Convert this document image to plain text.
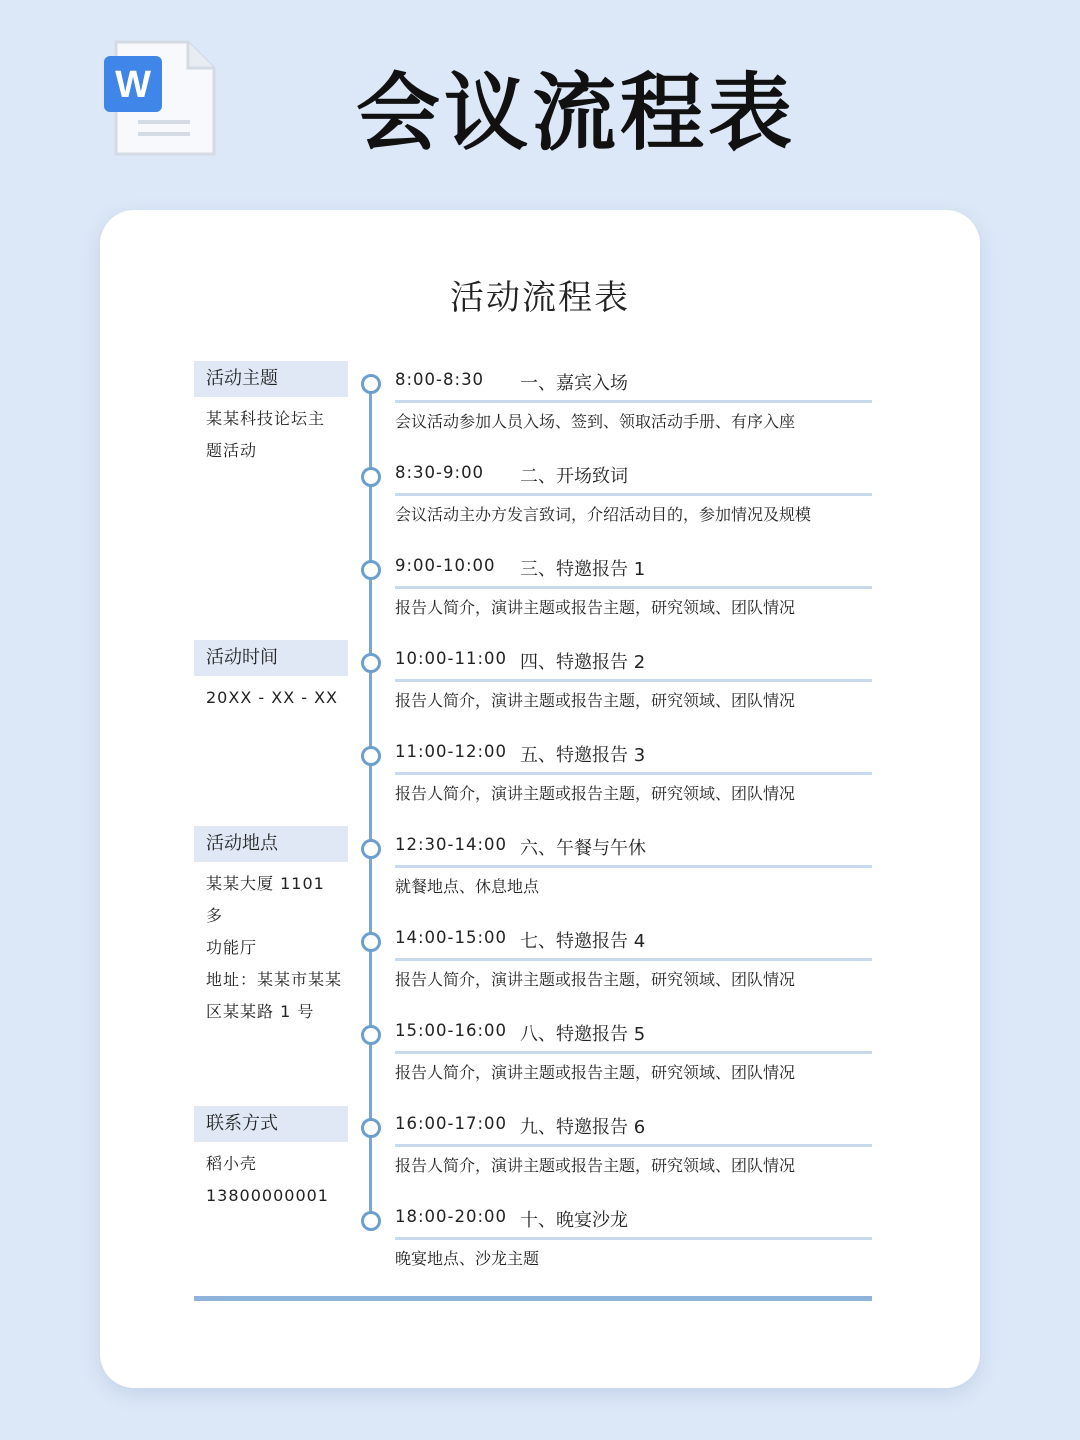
W	会议流程表
活动流程表
活动主题
某某科技论坛主
题活动
活动时间
20XX - XX - XX
活动地点
某某大厦 1101 多
功能厅
地址：某某市某某
区某某路 1 号
联系方式
稻小壳
13800000001
8:00-8:30 一、嘉宾入场
会议活动参加人员入场、签到、领取活动手册、有序入座
8:30-9:00 二、开场致词
会议活动主办方发言致词，介绍活动目的，参加情况及规模
9:00-10:00 三、特邀报告 1
报告人简介，演讲主题或报告主题，研究领域、团队情况
10:00-11:00 四、特邀报告 2
报告人简介，演讲主题或报告主题，研究领域、团队情况
11:00-12:00 五、特邀报告 3
报告人简介，演讲主题或报告主题，研究领域、团队情况
12:30-14:00 六、午餐与午休
就餐地点、休息地点
14:00-15:00 七、特邀报告 4
报告人简介，演讲主题或报告主题，研究领域、团队情况
15:00-16:00 八、特邀报告 5
报告人简介，演讲主题或报告主题，研究领域、团队情况
16:00-17:00 九、特邀报告 6
报告人简介，演讲主题或报告主题，研究领域、团队情况
18:00-20:00 十、晚宴沙龙
晚宴地点、沙龙主题
